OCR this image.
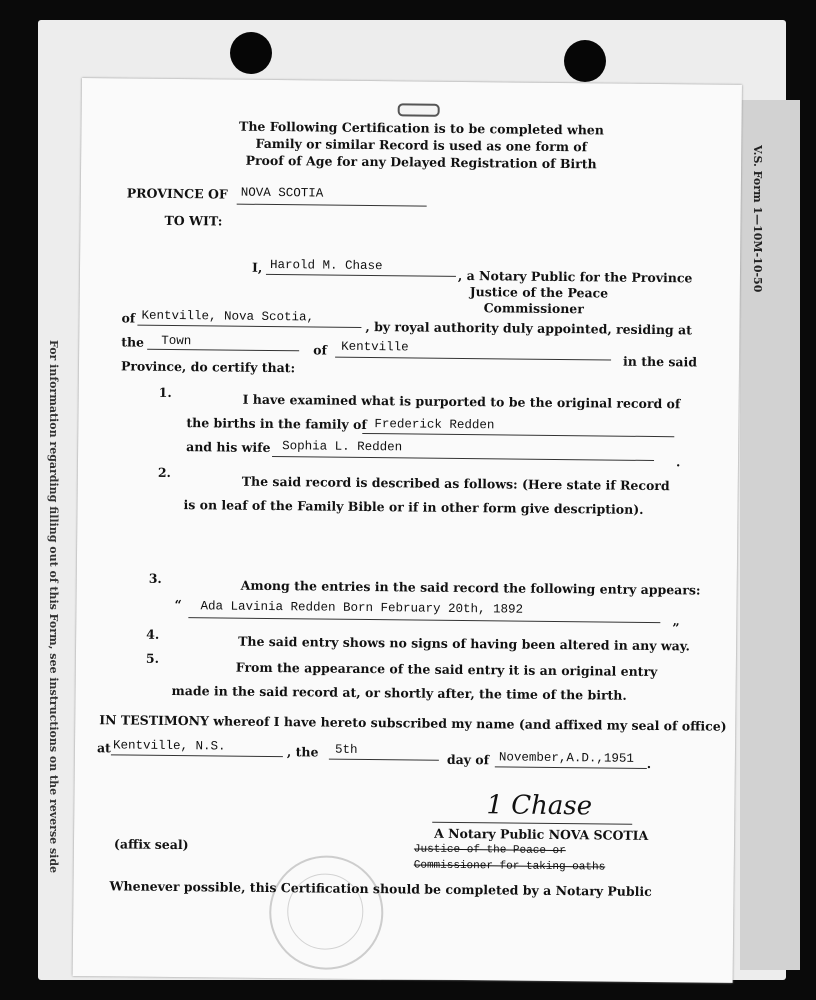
For information regarding filling out of this Form, see instructions on the reverse side
V.S. Form 1—10M-10-50
The Following Certification is to be completed when
Family or similar Record is used as one form of
Proof of Age for any Delayed Registration of Birth
PROVINCE OF NOVA SCOTIA
TO WIT:
I, Harold M. Chase
, a Notary Public for the Province
Justice of the Peace
Commissioner
of Kentville, Nova Scotia,
, by royal authority duly appointed, residing at
the Town
of Kentville
in the said
Province, do certify that:
1.	I have examined what is purported to be the original record of
the births in the family of Frederick Redden
and his wife Sophia L. Redden
.
2.
The said record is described as follows: (Here state if Record
is on leaf of the Family Bible or if in other form give description).
3.	Among the entries in the said record the following entry appears:
“ Ada Lavinia Redden Born February 20th, 1892
”
4.	The said entry shows no signs of having been altered in any way.
5.
From the appearance of the said entry it is an original entry
made in the said record at, or shortly after, the time of the birth.
IN TESTIMONY whereof I have hereto subscribed my name (and affixed my seal of office)
at Kentville, N.S.	, the 5th
day of November,A.D.,1951 .
1 Chase
A Notary Public NOVA SCOTIA
Justice of the Peace or
Commissioner for taking oaths
(affix seal)
Whenever possible, this Certification should be completed by a Notary Public
